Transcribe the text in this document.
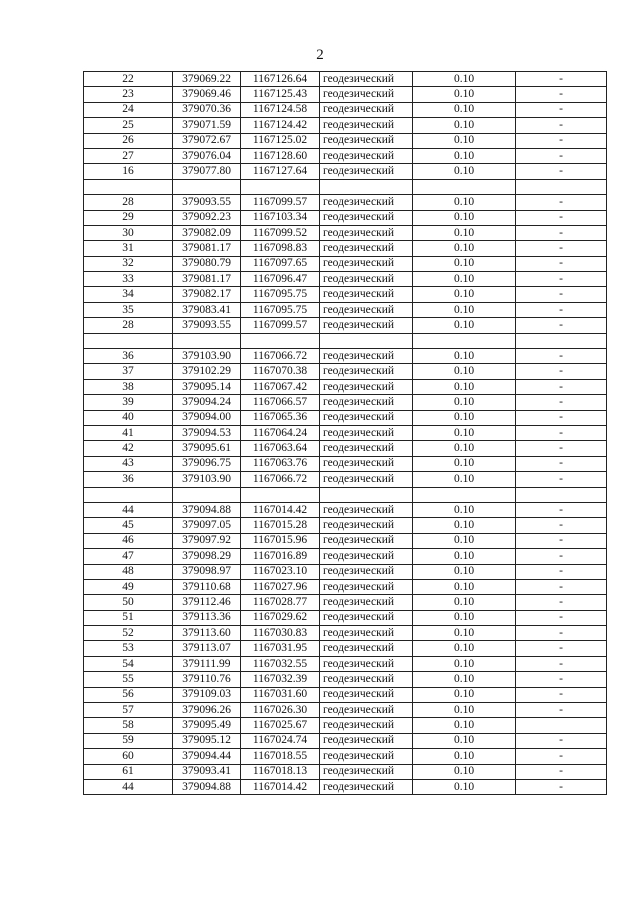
2
22	379069.22	1167126.64	геодезический	0.10	-
23	379069.46	1167125.43	геодезический	0.10	-
24	379070.36	1167124.58	геодезический	0.10	-
25	379071.59	1167124.42	геодезический	0.10	-
26	379072.67	1167125.02	геодезический	0.10	-
27	379076.04	1167128.60	геодезический	0.10	-
16	379077.80	1167127.64	геодезический	0.10	-

28	379093.55	1167099.57	геодезический	0.10	-
29	379092.23	1167103.34	геодезический	0.10	-
30	379082.09	1167099.52	геодезический	0.10	-
31	379081.17	1167098.83	геодезический	0.10	-
32	379080.79	1167097.65	геодезический	0.10	-
33	379081.17	1167096.47	геодезический	0.10	-
34	379082.17	1167095.75	геодезический	0.10	-
35	379083.41	1167095.75	геодезический	0.10	-
28	379093.55	1167099.57	геодезический	0.10	-

36	379103.90	1167066.72	геодезический	0.10	-
37	379102.29	1167070.38	геодезический	0.10	-
38	379095.14	1167067.42	геодезический	0.10	-
39	379094.24	1167066.57	геодезический	0.10	-
40	379094.00	1167065.36	геодезический	0.10	-
41	379094.53	1167064.24	геодезический	0.10	-
42	379095.61	1167063.64	геодезический	0.10	-
43	379096.75	1167063.76	геодезический	0.10	-
36	379103.90	1167066.72	геодезический	0.10	-

44	379094.88	1167014.42	геодезический	0.10	-
45	379097.05	1167015.28	геодезический	0.10	-
46	379097.92	1167015.96	геодезический	0.10	-
47	379098.29	1167016.89	геодезический	0.10	-
48	379098.97	1167023.10	геодезический	0.10	-
49	379110.68	1167027.96	геодезический	0.10	-
50	379112.46	1167028.77	геодезический	0.10	-
51	379113.36	1167029.62	геодезический	0.10	-
52	379113.60	1167030.83	геодезический	0.10	-
53	379113.07	1167031.95	геодезический	0.10	-
54	379111.99	1167032.55	геодезический	0.10	-
55	379110.76	1167032.39	геодезический	0.10	-
56	379109.03	1167031.60	геодезический	0.10	-
57	379096.26	1167026.30	геодезический	0.10	-
58	379095.49	1167025.67	геодезический	0.10	
59	379095.12	1167024.74	геодезический	0.10	-
60	379094.44	1167018.55	геодезический	0.10	-
61	379093.41	1167018.13	геодезический	0.10	-
44	379094.88	1167014.42	геодезический	0.10	-
